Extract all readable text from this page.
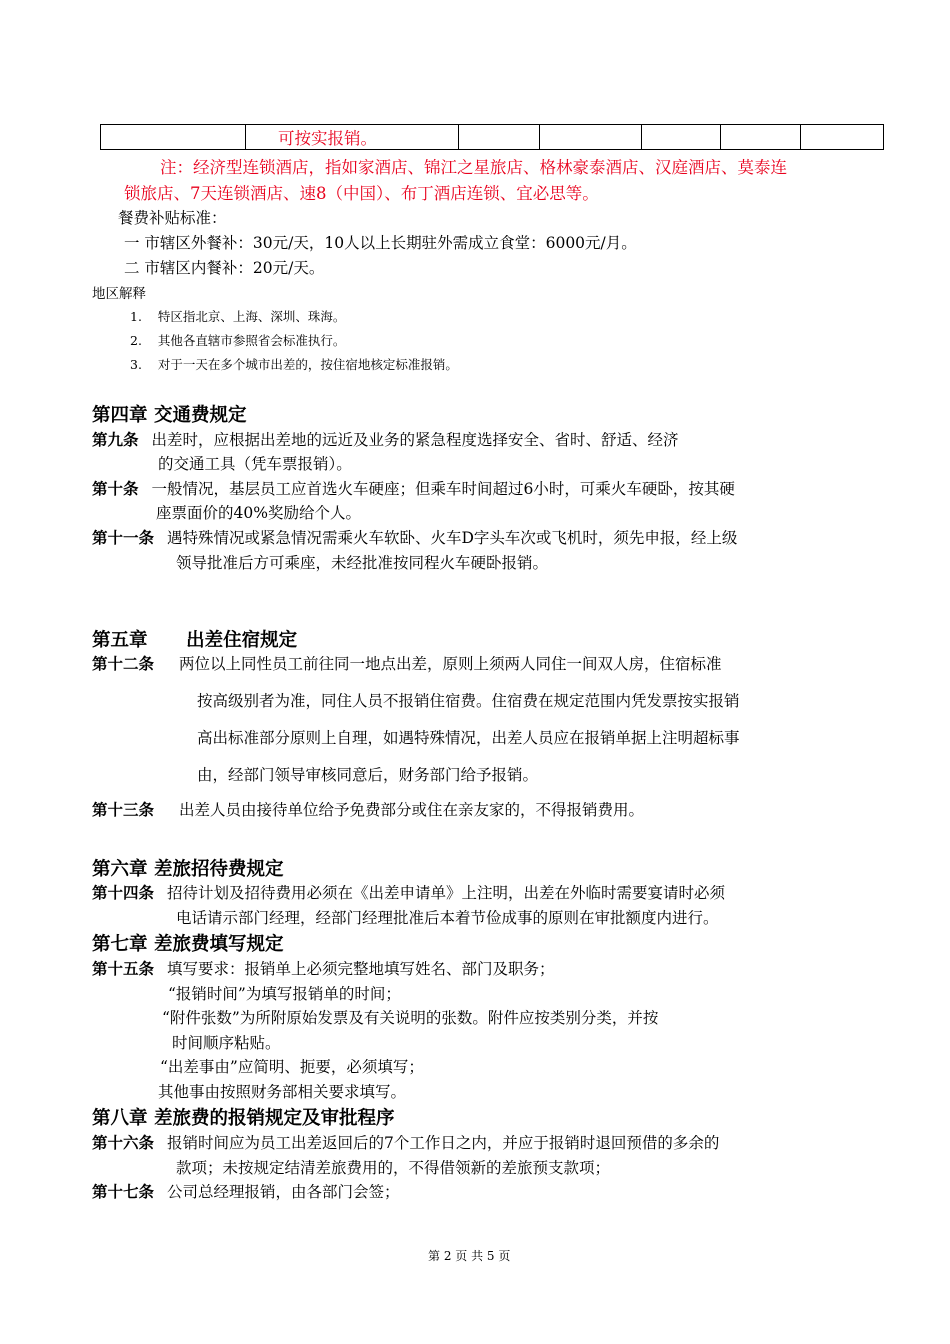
	可按实报销。					
注：经济型连锁酒店，指如家酒店、锦江之星旅店、格林豪泰酒店、汉庭酒店、莫泰连
锁旅店、7天连锁酒店、速8（中国）、布丁酒店连锁、宜必思等。
餐费补贴标准：
一 市辖区外餐补：30元/天，10人以上长期驻外需成立食堂：6000元/月。
二 市辖区内餐补：20元/天。
地区解释
1. 特区指北京、上海、深圳、珠海。
2. 其他各直辖市参照省会标准执行。
3. 对于一天在多个城市出差的，按住宿地核定标准报销。
第四章 交通费规定
第九条 出差时，应根据出差地的远近及业务的紧急程度选择安全、省时、舒适、经济
的交通工具（凭车票报销）。
第十条 一般情况，基层员工应首选火车硬座；但乘车时间超过6小时，可乘火车硬卧，按其硬
座票面价的40%奖励给个人。
第十一条 遇特殊情况或紧急情况需乘火车软卧、火车D字头车次或飞机时，须先申报，经上级
领导批准后方可乘座，未经批准按同程火车硬卧报销。
第五章      出差住宿规定
第十二条 两位以上同性员工前往同一地点出差，原则上须两人同住一间双人房，住宿标准
按高级别者为准，同住人员不报销住宿费。住宿费在规定范围内凭发票按实报销
高出标准部分原则上自理，如遇特殊情况，出差人员应在报销单据上注明超标事
由，经部门领导审核同意后，财务部门给予报销。
第十三条 出差人员由接待单位给予免费部分或住在亲友家的，不得报销费用。
第六章 差旅招待费规定
第十四条 招待计划及招待费用必须在《出差申请单》上注明，出差在外临时需要宴请时必须
电话请示部门经理，经部门经理批准后本着节俭成事的原则在审批额度内进行。
第七章 差旅费填写规定
第十五条 填写要求：报销单上必须完整地填写姓名、部门及职务；
“报销时间”为填写报销单的时间；
“附件张数”为所附原始发票及有关说明的张数。附件应按类别分类，并按
时间顺序粘贴。
“出差事由”应简明、扼要，必须填写；
其他事由按照财务部相关要求填写。
第八章 差旅费的报销规定及审批程序
第十六条 报销时间应为员工出差返回后的7个工作日之内，并应于报销时退回预借的多余的
款项；未按规定结清差旅费用的，不得借领新的差旅预支款项；
第十七条 公司总经理报销，由各部门会签；
第 2 页 共 5 页
